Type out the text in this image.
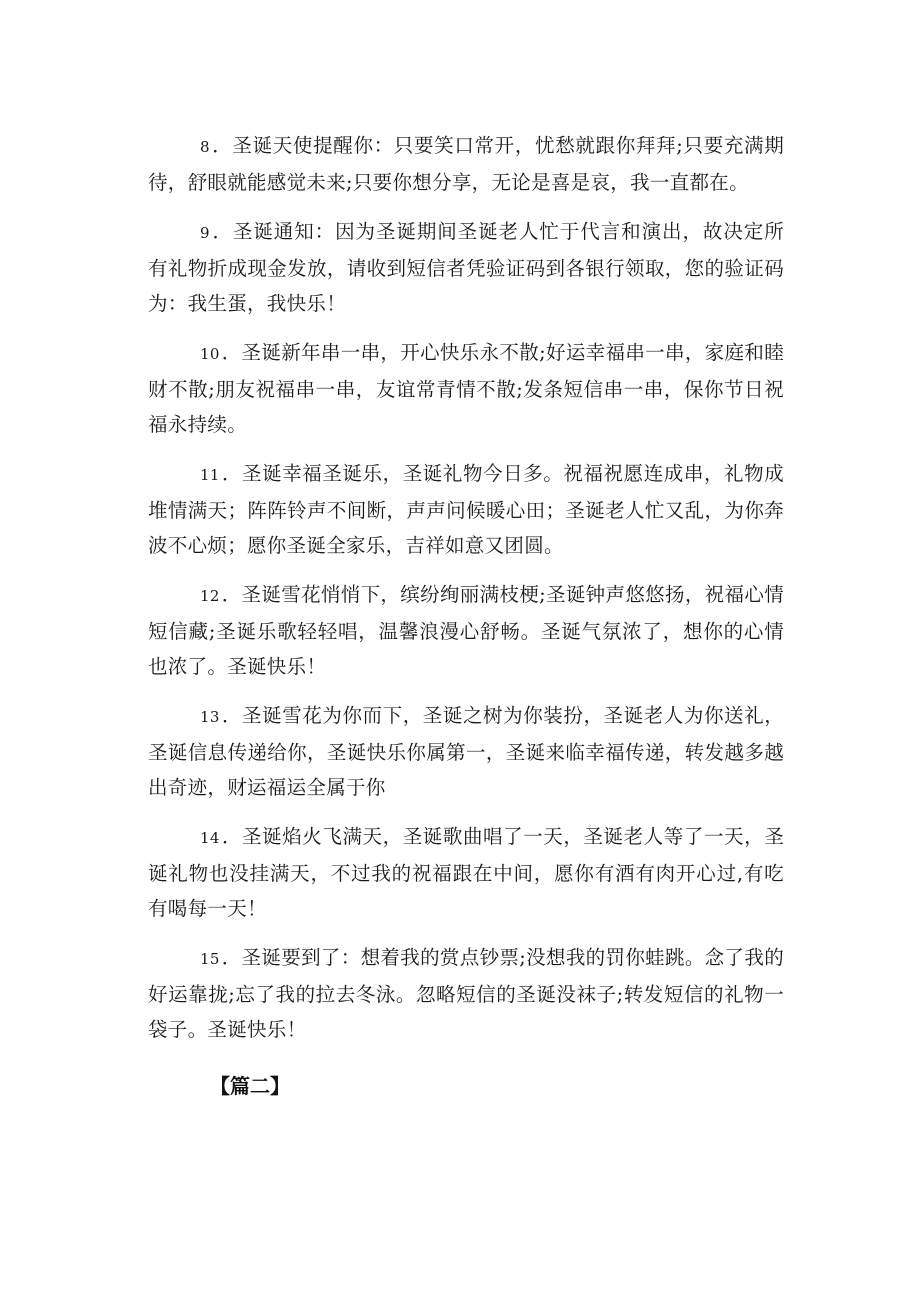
8 ．圣诞天使提醒你：只要笑口常开，忧愁就跟你拜拜;只要充满期待，舒眼就能感觉未来;只要你想分享，无论是喜是哀，我一直都在。

9 ．圣诞通知：因为圣诞期间圣诞老人忙于代言和演出，故决定所有礼物折成现金发放，请收到短信者凭验证码到各银行领取，您的验证码为：我生蛋，我快乐！

10 ．圣诞新年串一串，开心快乐永不散;好运幸福串一串，家庭和睦财不散;朋友祝福串一串，友谊常青情不散;发条短信串一串，保你节日祝福永持续。

11 ．圣诞幸福圣诞乐，圣诞礼物今日多。祝福祝愿连成串，礼物成堆情满天；阵阵铃声不间断，声声问候暖心田；圣诞老人忙又乱，为你奔波不心烦；愿你圣诞全家乐，吉祥如意又团圆。

12 ．圣诞雪花悄悄下，缤纷绚丽满枝梗;圣诞钟声悠悠扬，祝福心情短信藏;圣诞乐歌轻轻唱，温馨浪漫心舒畅。圣诞气氛浓了，想你的心情也浓了。圣诞快乐！

13 ．圣诞雪花为你而下，圣诞之树为你装扮，圣诞老人为你送礼，圣诞信息传递给你，圣诞快乐你属第一，圣诞来临幸福传递，转发越多越出奇迹，财运福运全属于你

14 ．圣诞焰火飞满天，圣诞歌曲唱了一天，圣诞老人等了一天，圣诞礼物也没挂满天，不过我的祝福跟在中间，愿你有酒有肉开心过,有吃有喝每一天！

15 ．圣诞要到了：想着我的赏点钞票;没想我的罚你蛙跳。念了我的好运靠拢;忘了我的拉去冬泳。忽略短信的圣诞没袜子;转发短信的礼物一袋子。圣诞快乐！

【篇二】
